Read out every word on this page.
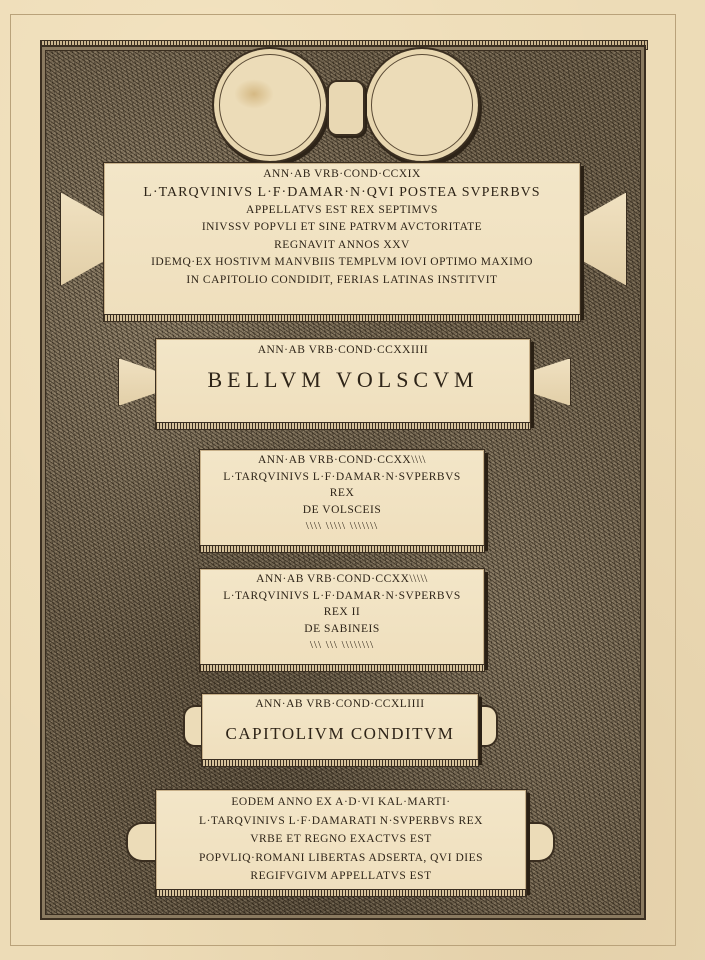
ANN·AB VRB·COND·CCXIX
L·TARQVINIVS L·F·DAMAR·N·QVI POSTEA SVPERBVS
APPELLATVS EST REX SEPTIMVS
INIVSSV POPVLI ET SINE PATRVM AVCTORITATE
REGNAVIT ANNOS XXV
IDEMQ·EX HOSTIVM MANVBIIS TEMPLVM IOVI OPTIMO MAXIMO
IN CAPITOLIO CONDIDIT, FERIAS LATINAS INSTITVIT
ANN·AB VRB·COND·CCXXIIII
BELLVM VOLSCVM
ANN·AB VRB·COND·CCXX\\\\
L·TARQVINIVS L·F·DAMAR·N·SVPERBVS
REX
DE VOLSCEIS
\\\\ \\\\\ \\\\\\\
ANN·AB VRB·COND·CCXX\\\\\
L·TARQVINIVS L·F·DAMAR·N·SVPERBVS
REX II
DE SABINEIS
\\\ \\\ \\\\\\\\
ANN·AB VRB·COND·CCXLIIII
CAPITOLIVM CONDITVM
EODEM ANNO EX A·D·VI KAL·MARTI·
L·TARQVINIVS L·F·DAMARATI N·SVPERBVS REX
VRBE ET REGNO EXACTVS EST
POPVLIQ·ROMANI LIBERTAS ADSERTA, QVI DIES
REGIFVGIVM APPELLATVS EST
